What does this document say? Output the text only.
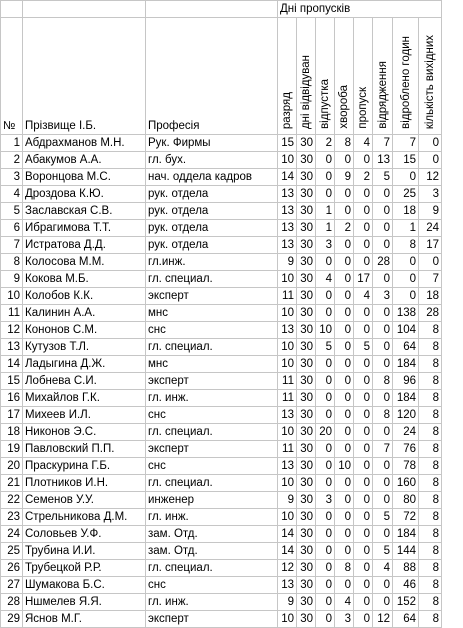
			Дні пропусків							
№	Прізвище І.Б.	Професія	разряд	дні відвідуван	відпустка	хвороба	пропуск	відрядження	відроблено годин	кількість вихідних
1	Абдрахманов М.Н.	Рук. Фирмы	15	30	2	8	4	7	7	0
2	Абакумов А.А.	гл. бух.	10	30	0	0	0	13	15	0
3	Воронцова М.С.	нач. оддела кадров	14	30	0	9	2	5	0	12
4	Дроздова К.Ю.	рук. отдела	13	30	0	0	0	0	25	3
5	Заславская С.В.	рук. отдела	13	30	1	0	0	0	18	9
6	Ибрагимова Т.Т.	рук. отдела	13	30	1	2	0	0	1	24
7	Истратова Д.Д.	рук. отдела	13	30	3	0	0	0	8	17
8	Колосова М.М.	гл.инж.	9	30	0	0	0	28	0	0
9	Кокова М.Б.	гл. специал.	10	30	4	0	17	0	0	7
10	Колобов К.К.	эксперт	11	30	0	0	4	3	0	18
11	Калинин А.А.	мнс	10	30	0	0	0	0	138	28
12	Кононов С.М.	снс	13	30	10	0	0	0	104	8
13	Кутузов Т.Л.	гл. специал.	10	30	5	0	5	0	64	8
14	Ладыгина Д.Ж.	мнс	10	30	0	0	0	0	184	8
15	Лобнева С.И.	эксперт	11	30	0	0	0	8	96	8
16	Михайлов Г.К.	гл. инж.	11	30	0	0	0	0	184	8
17	Михеев И.Л.	снс	13	30	0	0	0	8	120	8
18	Никонов Э.С.	гл. специал.	10	30	20	0	0	0	24	8
19	Павловский П.П.	эксперт	11	30	0	0	0	7	76	8
20	Праскурина Г.Б.	снс	13	30	0	10	0	0	78	8
21	Плотников И.Н.	гл. специал.	10	30	0	0	0	0	160	8
22	Семенов У.У.	инженер	9	30	3	0	0	0	80	8
23	Стрельникова Д.М.	гл. инж.	10	30	0	0	0	5	72	8
24	Соловьев У.Ф.	зам. Отд.	14	30	0	0	0	0	184	8
25	Трубина И.И.	зам. Отд.	14	30	0	0	0	5	144	8
26	Трубецкой Р.Р.	гл. специал.	12	30	0	8	0	4	88	8
27	Шумакова Б.С.	снс	13	30	0	0	0	0	46	8
28	Ншмелев Я.Я.	гл. инж.	9	30	0	4	0	0	152	8
29	Яснов М.Г.	эксперт	10	30	0	3	0	12	64	8
